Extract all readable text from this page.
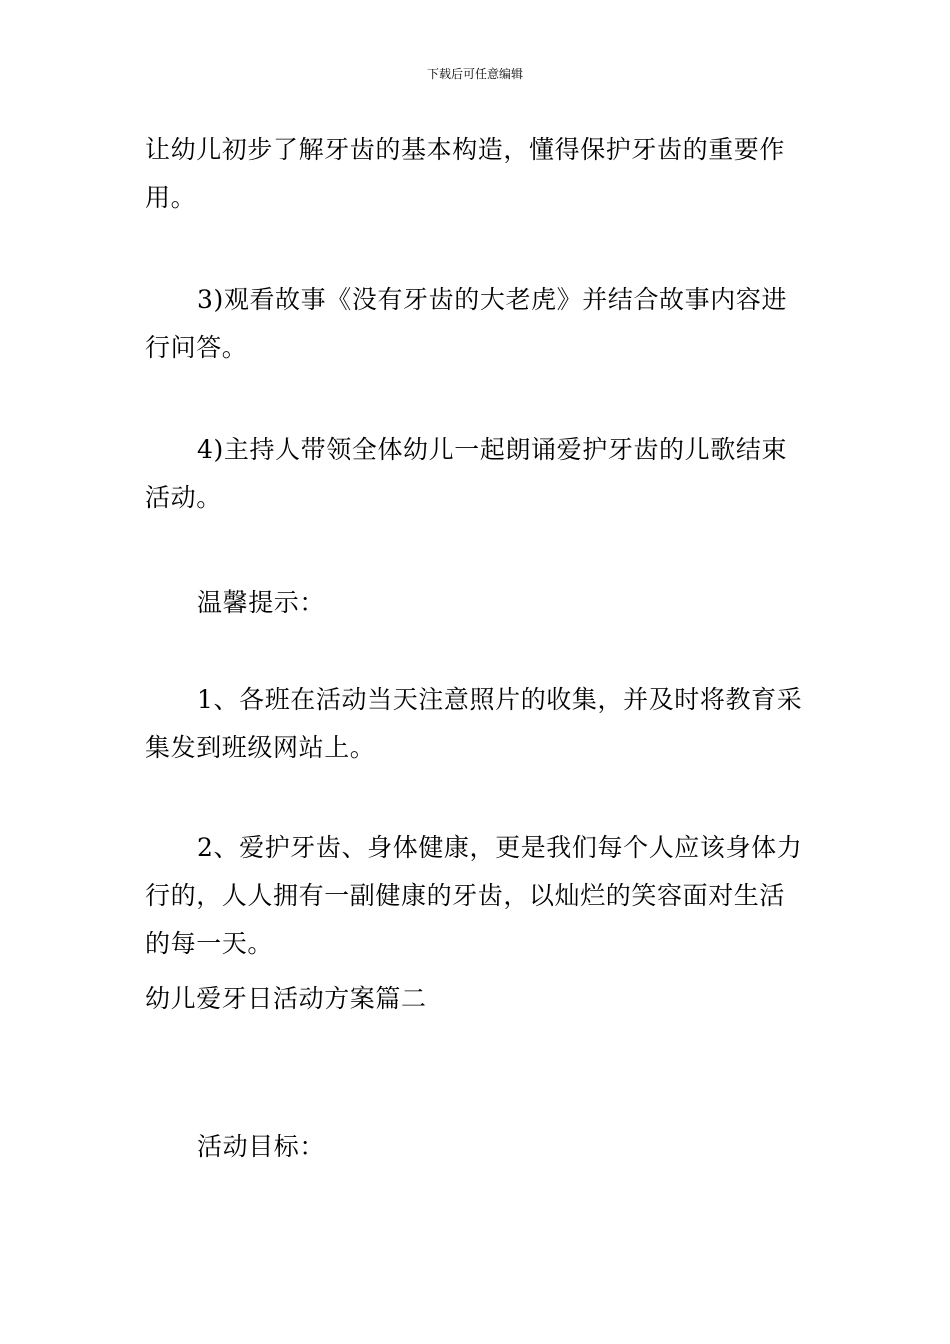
下载后可任意编辑

让幼儿初步了解牙齿的基本构造，懂得保护牙齿的重要作用。

3)观看故事《没有牙齿的大老虎》并结合故事内容进行问答。

4)主持人带领全体幼儿一起朗诵爱护牙齿的儿歌结束活动。

温馨提示：

1、各班在活动当天注意照片的收集，并及时将教育采集发到班级网站上。

2、爱护牙齿、身体健康，更是我们每个人应该身体力行的，人人拥有一副健康的牙齿，以灿烂的笑容面对生活的每一天。

幼儿爱牙日活动方案篇二

活动目标：
